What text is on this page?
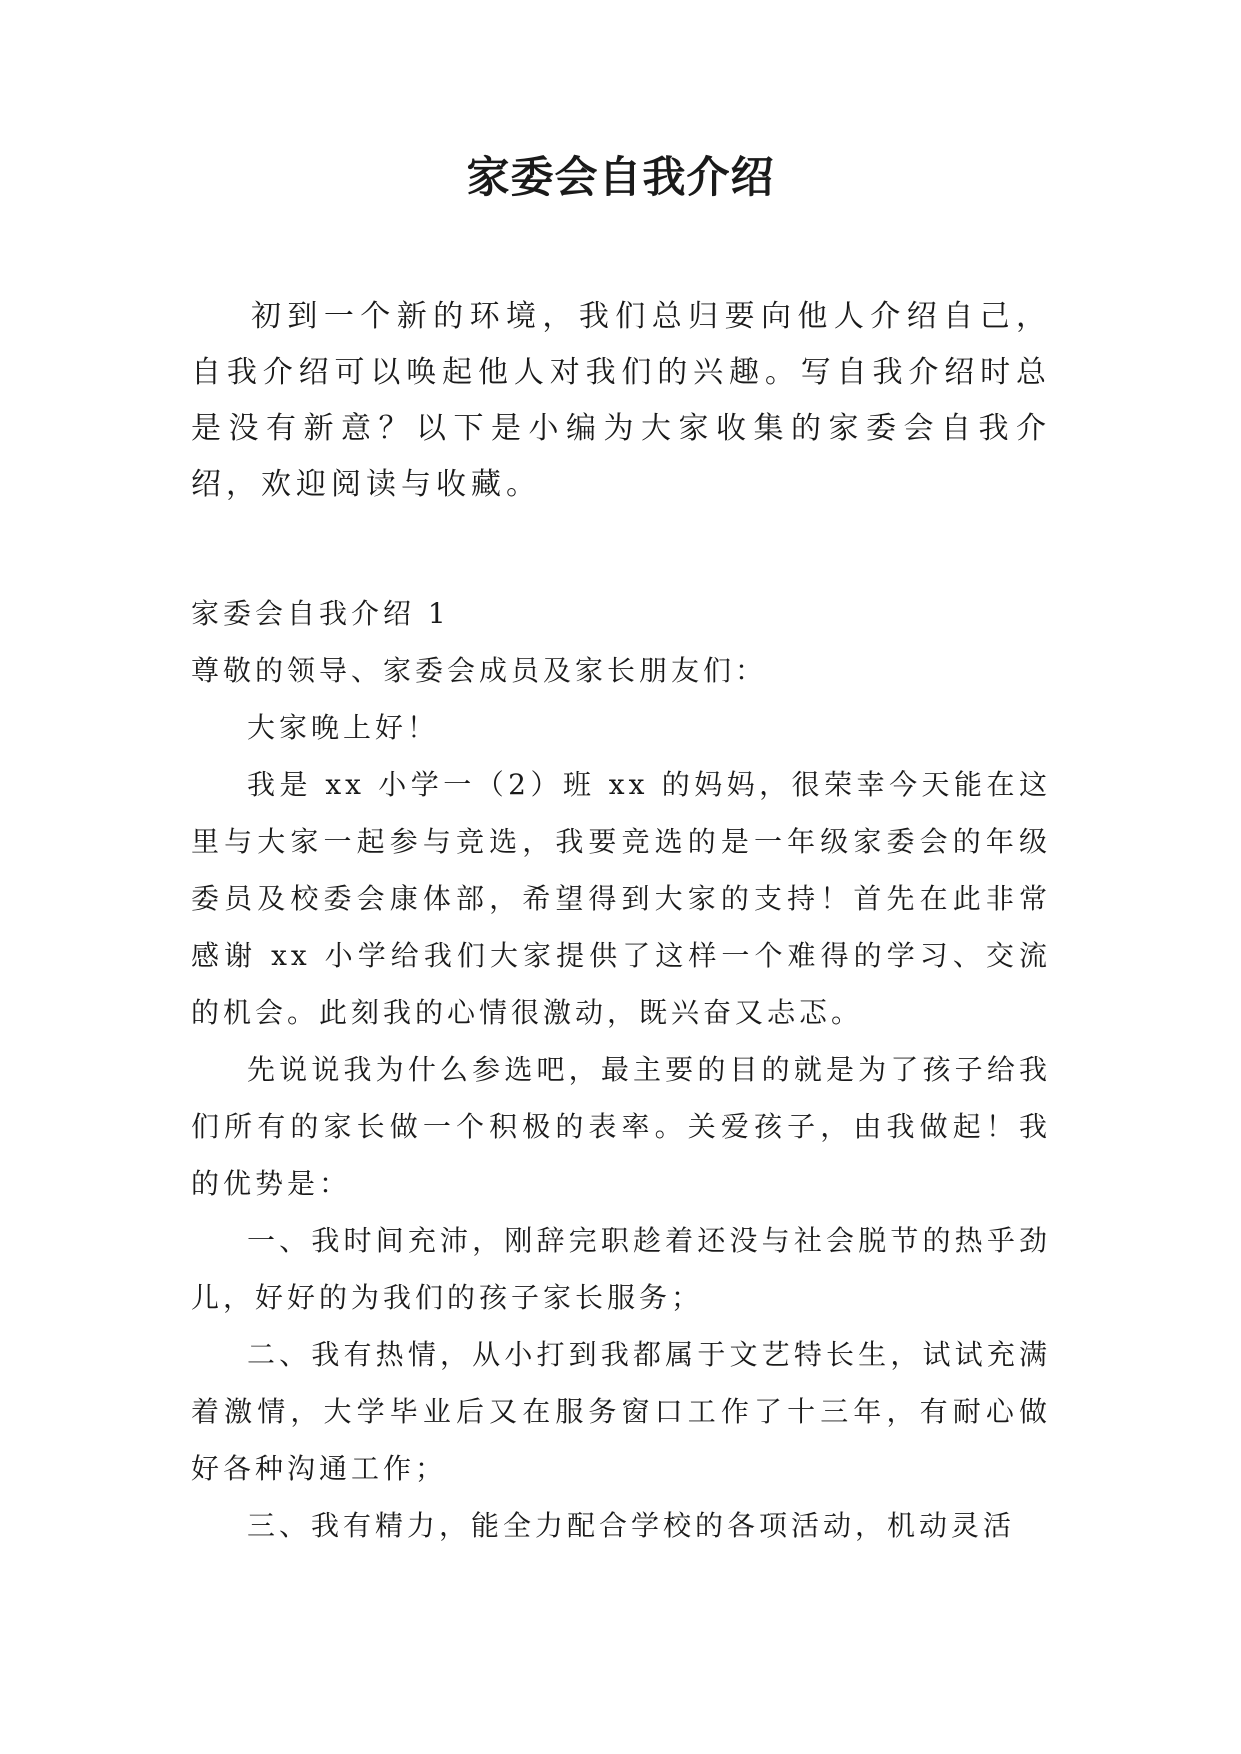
家委会自我介绍

初到一个新的环境，我们总归要向他人介绍自己，自我介绍可以唤起他人对我们的兴趣。写自我介绍时总是没有新意？以下是小编为大家收集的家委会自我介绍，欢迎阅读与收藏。

家委会自我介绍 1

尊敬的领导、家委会成员及家长朋友们：

大家晚上好！

我是 xx 小学一（2）班 xx 的妈妈，很荣幸今天能在这里与大家一起参与竞选，我要竞选的是一年级家委会的年级委员及校委会康体部，希望得到大家的支持！首先在此非常感谢 xx 小学给我们大家提供了这样一个难得的学习、交流的机会。此刻我的心情很激动，既兴奋又忐忑。

先说说我为什么参选吧，最主要的目的就是为了孩子给我们所有的家长做一个积极的表率。关爱孩子，由我做起！我的优势是：

一、我时间充沛，刚辞完职趁着还没与社会脱节的热乎劲儿，好好的为我们的孩子家长服务；

二、我有热情，从小打到我都属于文艺特长生，试试充满着激情，大学毕业后又在服务窗口工作了十三年，有耐心做好各种沟通工作；

三、我有精力，能全力配合学校的各项活动，机动灵活
